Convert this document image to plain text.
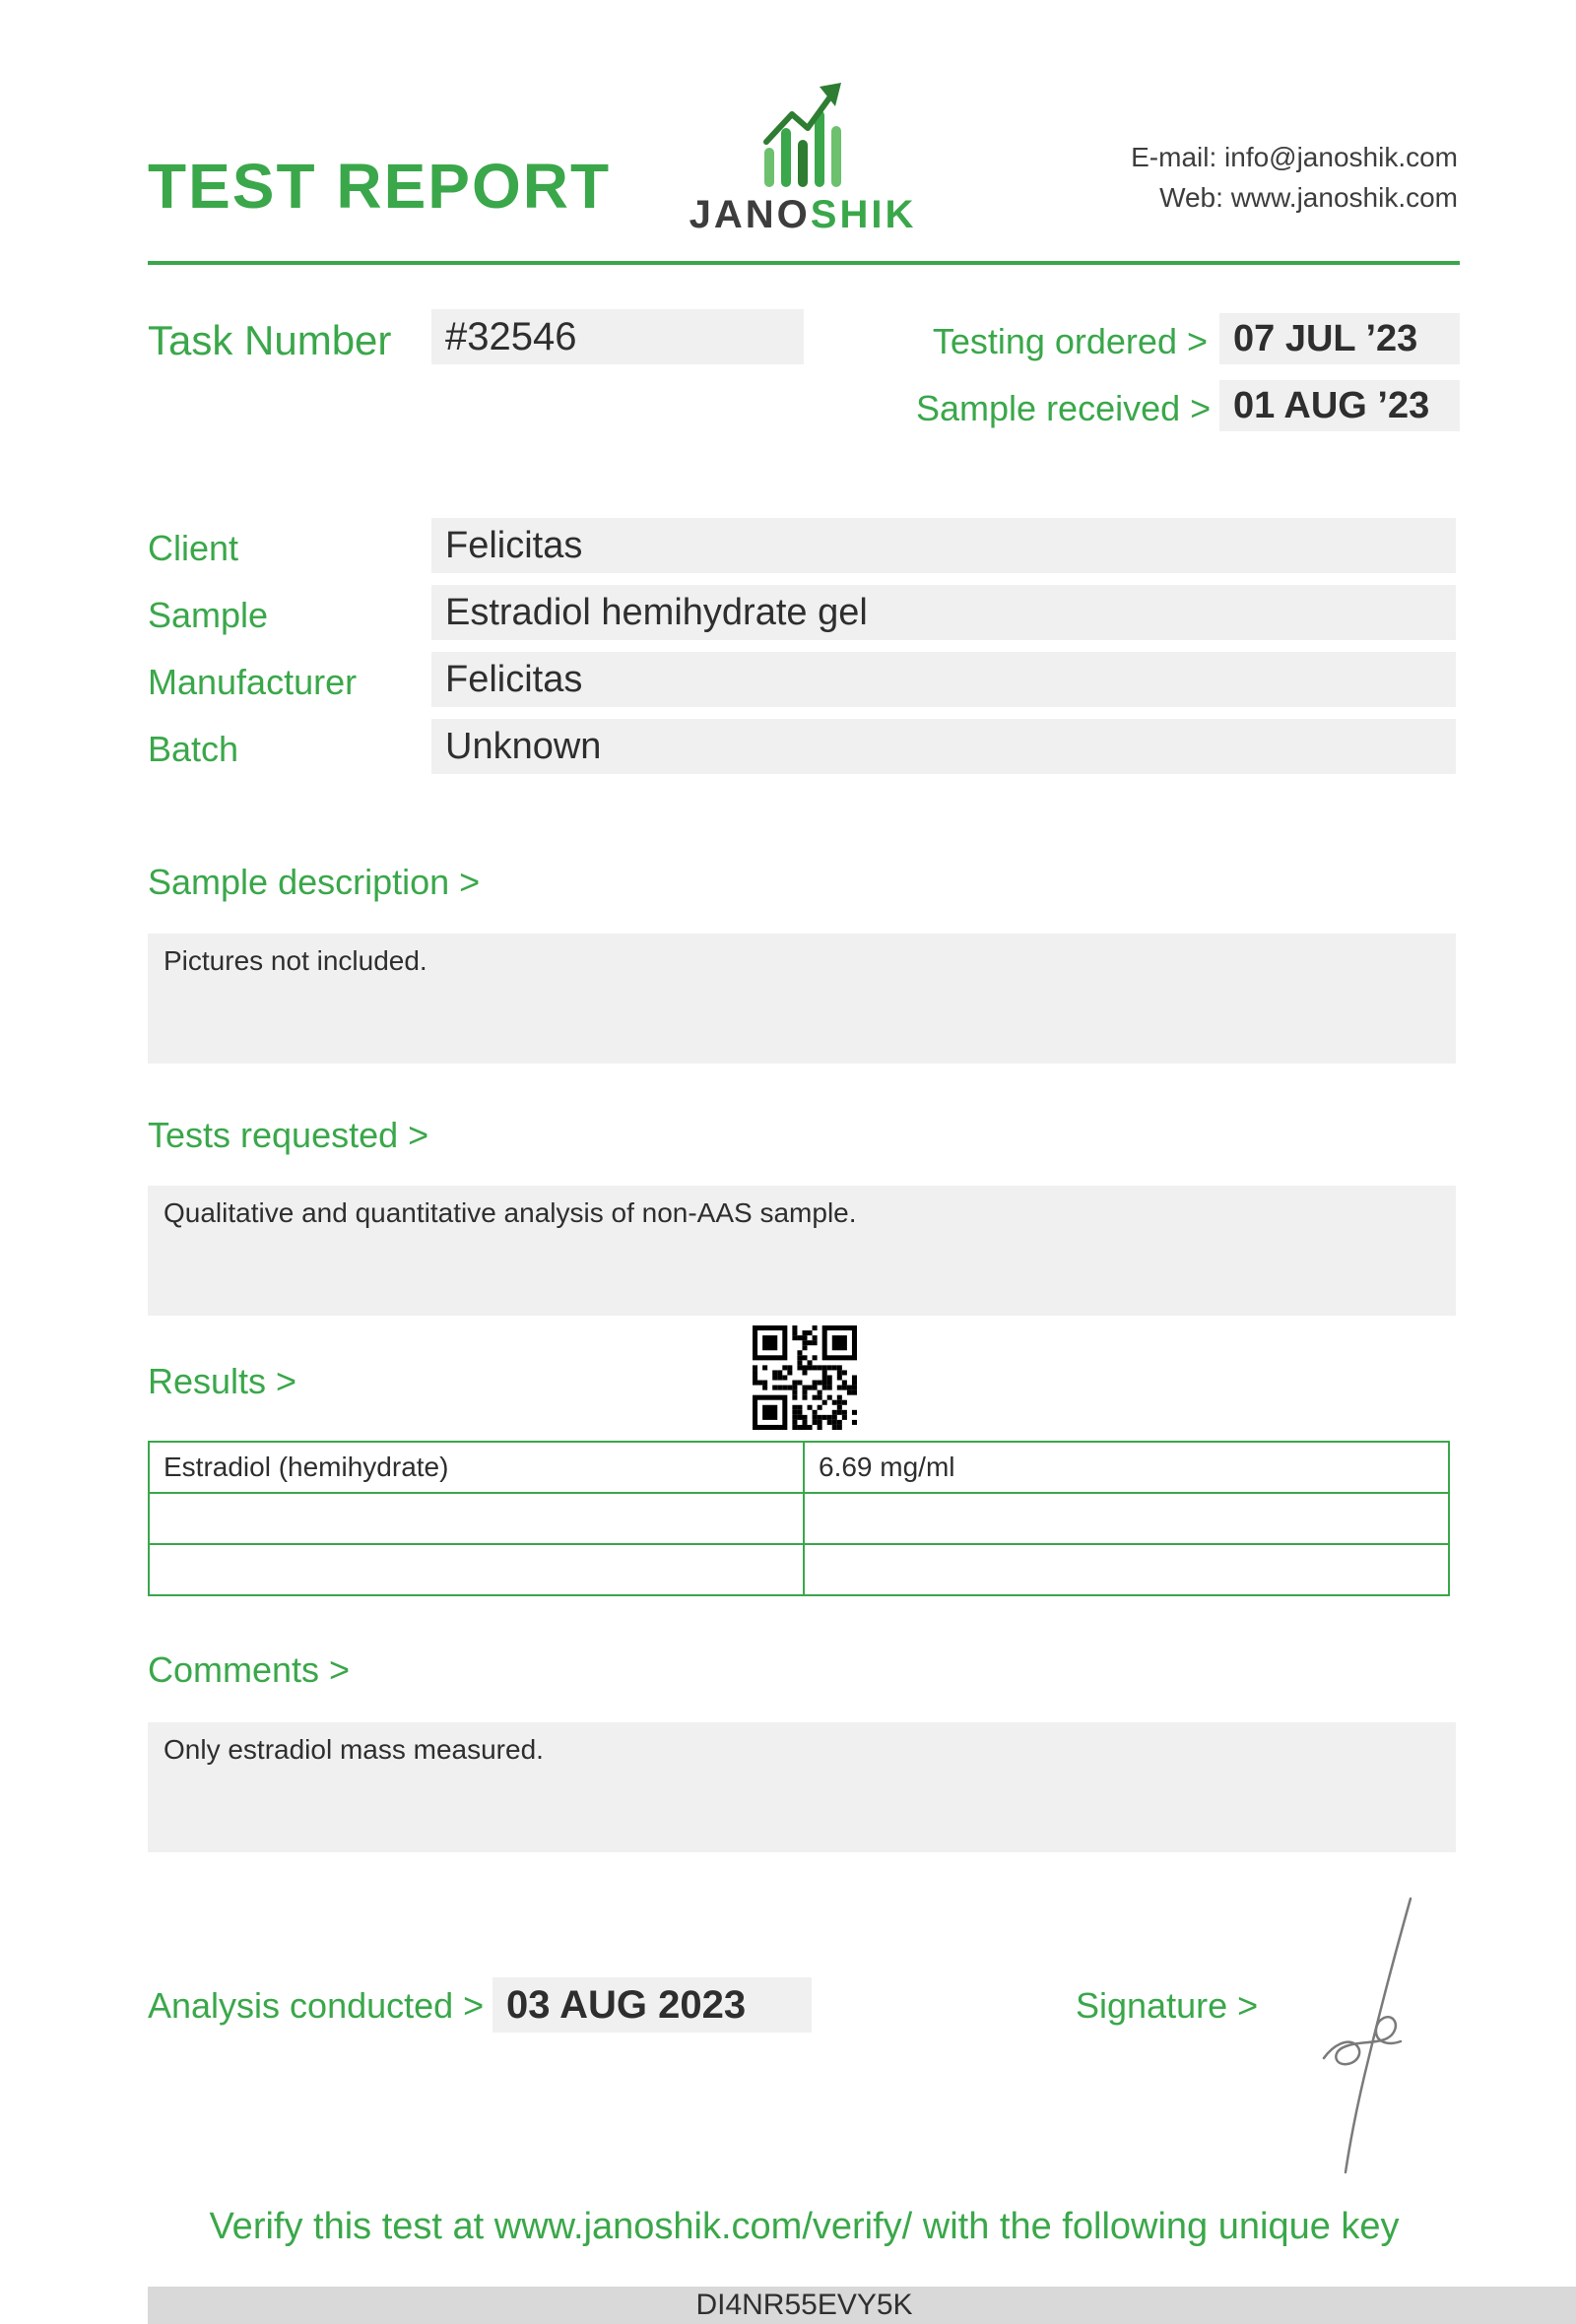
TEST REPORT	JANOSHIK
E-mail: info@janoshik.com
Web: www.janoshik.com
Task Number	#32546	Testing ordered > 07 JUL ’23
Sample received > 01 AUG ’23
Client	Felicitas
Sample	Estradiol hemihydrate gel
Manufacturer	Felicitas
Batch	Unknown
Sample description >
Pictures not included.
Tests requested >
Qualitative and quantitative analysis of non-AAS sample.
Results >
Estradiol (hemihydrate)	6.69 mg/ml

Comments >
Only estradiol mass measured.
Analysis conducted > 03 AUG 2023	Signature >
Verify this test at www.janoshik.com/verify/ with the following unique key
DI4NR55EVY5K
